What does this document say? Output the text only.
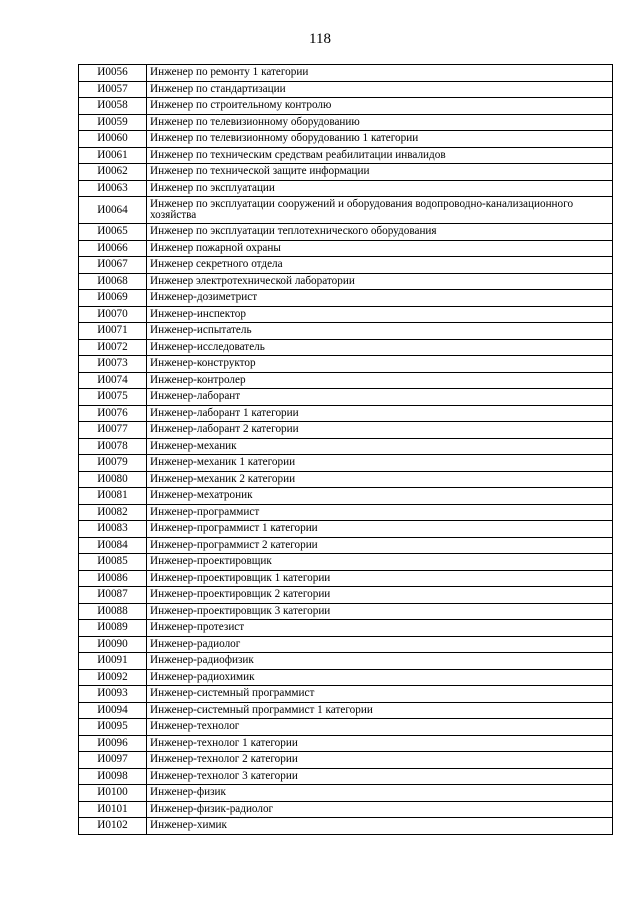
118
И0056	Инженер по ремонту 1 категории
И0057	Инженер по стандартизации
И0058	Инженер по строительному контролю
И0059	Инженер по телевизионному оборудованию
И0060	Инженер по телевизионному оборудованию 1 категории
И0061	Инженер по техническим средствам реабилитации инвалидов
И0062	Инженер по технической защите информации
И0063	Инженер по эксплуатации
И0064	Инженер по эксплуатации сооружений и оборудования водопроводно-канализационного хозяйства
И0065	Инженер по эксплуатации теплотехнического оборудования
И0066	Инженер пожарной охраны
И0067	Инженер секретного отдела
И0068	Инженер электротехнической лаборатории
И0069	Инженер-дозиметрист
И0070	Инженер-инспектор
И0071	Инженер-испытатель
И0072	Инженер-исследователь
И0073	Инженер-конструктор
И0074	Инженер-контролер
И0075	Инженер-лаборант
И0076	Инженер-лаборант 1 категории
И0077	Инженер-лаборант 2 категории
И0078	Инженер-механик
И0079	Инженер-механик 1 категории
И0080	Инженер-механик 2 категории
И0081	Инженер-мехатроник
И0082	Инженер-программист
И0083	Инженер-программист 1 категории
И0084	Инженер-программист 2 категории
И0085	Инженер-проектировщик
И0086	Инженер-проектировщик 1 категории
И0087	Инженер-проектировщик 2 категории
И0088	Инженер-проектировщик 3 категории
И0089	Инженер-протезист
И0090	Инженер-радиолог
И0091	Инженер-радиофизик
И0092	Инженер-радиохимик
И0093	Инженер-системный программист
И0094	Инженер-системный программист 1 категории
И0095	Инженер-технолог
И0096	Инженер-технолог 1 категории
И0097	Инженер-технолог 2 категории
И0098	Инженер-технолог 3 категории
И0100	Инженер-физик
И0101	Инженер-физик-радиолог
И0102	Инженер-химик
